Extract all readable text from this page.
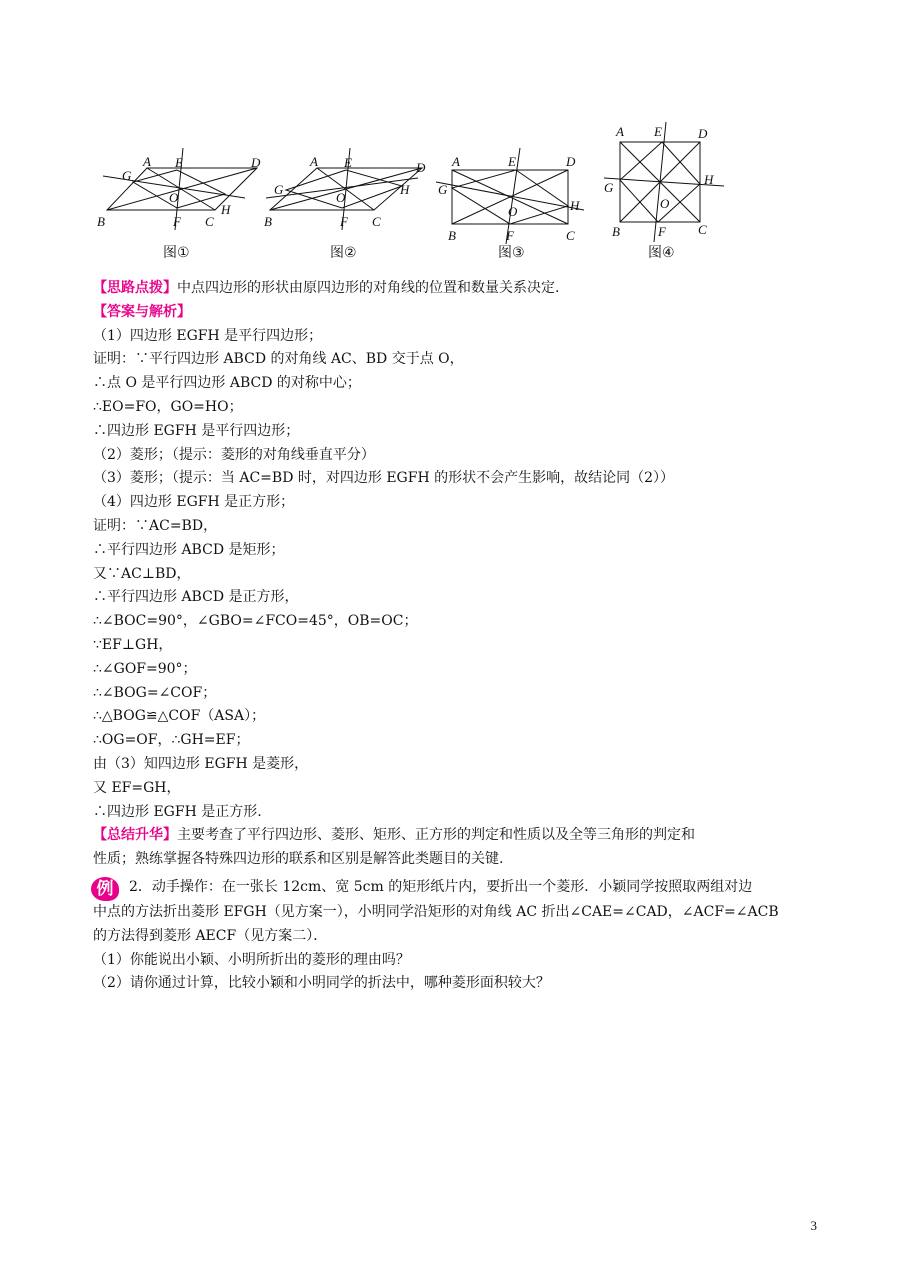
A E	D
G
O
B	F C
H
图①
A E	D
G
O
B	F C
H
图②
A	E	D
G
O
B	F	C
H
图③
A E	D
G
O
B	F C
H
图④

【思路点拨】中点四边形的形状由原四边形的对角线的位置和数量关系决定.

【答案与解析】

（1）四边形 EGFH 是平行四边形；

证明：∵平行四边形 ABCD 的对角线 AC、BD 交于点 O，

∴点 O 是平行四边形 ABCD 的对称中心；

∴EO=FO，GO=HO；

∴四边形 EGFH 是平行四边形；

（2）菱形；（提示：菱形的对角线垂直平分）

（3）菱形；（提示：当 AC=BD 时，对四边形 EGFH 的形状不会产生影响，故结论同（2））

（4）四边形 EGFH 是正方形；

证明：∵AC=BD，

∴平行四边形 ABCD 是矩形；

又∵AC⊥BD，

∴平行四边形 ABCD 是正方形，

∴∠BOC=90°，∠GBO=∠FCO=45°，OB=OC；

∵EF⊥GH，

∴∠GOF=90°；

∴∠BOG=∠COF；

∴△BOG≌△COF（ASA）；

∴OG=OF，∴GH=EF；

由（3）知四边形 EGFH 是菱形，

又 EF=GH，

∴四边形 EGFH 是正方形.

【总结升华】主要考查了平行四边形、菱形、矩形、正方形的判定和性质以及全等三角形的判定和

性质；熟练掌握各特殊四边形的联系和区别是解答此类题目的关键.

例 2．动手操作：在一张长 12cm、宽 5cm 的矩形纸片内，要折出一个菱形．小颖同学按照取两组对边

中点的方法折出菱形 EFGH（见方案一），小明同学沿矩形的对角线 AC 折出∠CAE=∠CAD，∠ACF=∠ACB

的方法得到菱形 AECF（见方案二）．

（1）你能说出小颖、小明所折出的菱形的理由吗？

（2）请你通过计算，比较小颖和小明同学的折法中，哪种菱形面积较大？

3
